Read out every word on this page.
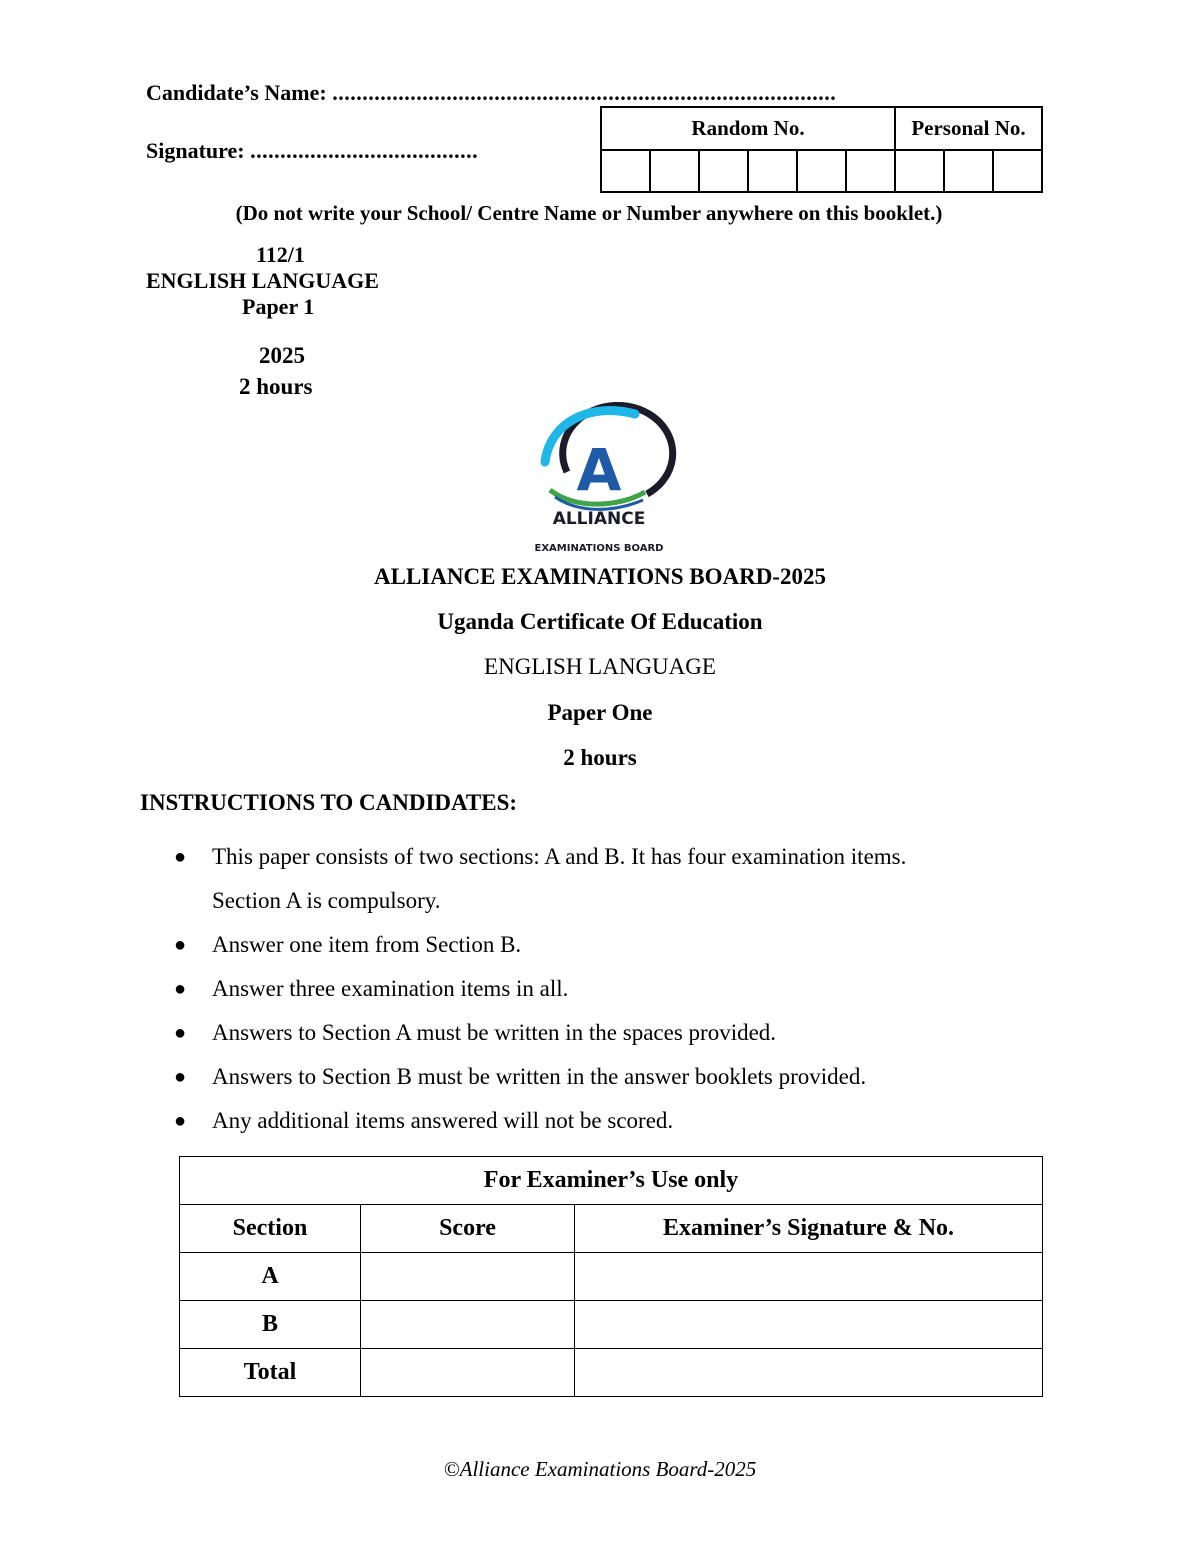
Candidate’s Name: ....................................................................................
Signature: ......................................
Random No.						Personal No.		

(Do not write your School/ Centre Name or Number anywhere on this booklet.)
112/1
ENGLISH LANGUAGE
Paper 1
2025
2 hours
A
ALLIANCE
EXAMINATIONS BOARD
ALLIANCE EXAMINATIONS BOARD-2025
Uganda Certificate Of Education
ENGLISH LANGUAGE
Paper One
2 hours
INSTRUCTIONS TO CANDIDATES:
● This paper consists of two sections: A and B. It has four examination items.
Section A is compulsory.
● Answer one item from Section B.
● Answer three examination items in all.
● Answers to Section A must be written in the spaces provided.
● Answers to Section B must be written in the answer booklets provided.
● Any additional items answered will not be scored.
For Examiner’s Use only		
Section	Score	Examiner’s Signature & No.
A		
B		
Total		
©Alliance Examinations Board-2025
